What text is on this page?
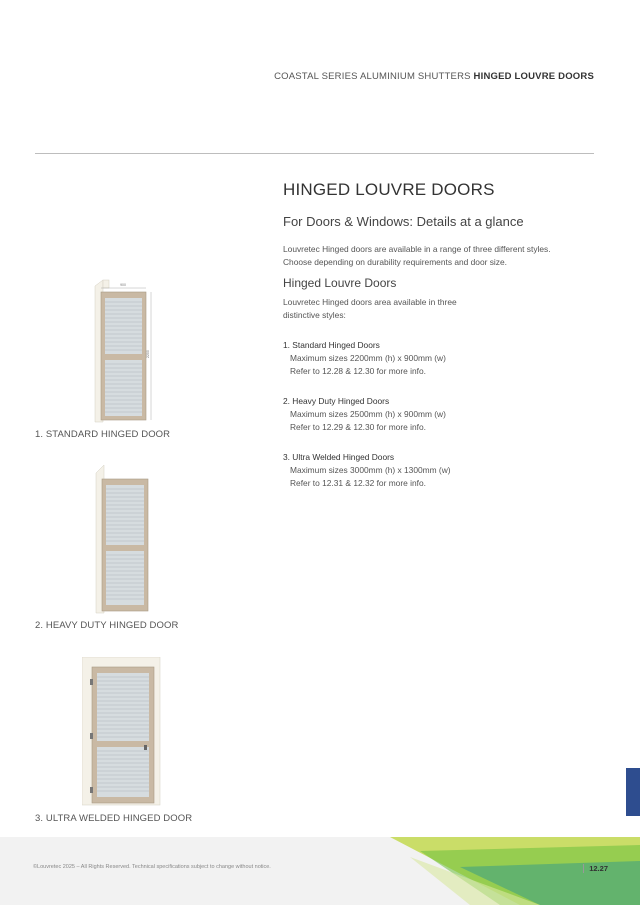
COASTAL SERIES ALUMINIUM SHUTTERS HINGED LOUVRE DOORS
HINGED LOUVRE DOORS
For Doors & Windows: Details at a glance
Louvretec Hinged doors are available in a range of three different styles.
Choose depending on durability requirements and door size.
Hinged Louvre Doors
Louvretec Hinged doors area available in three distinctive styles:
1. Standard Hinged Doors
Maximum sizes 2200mm (h) x 900mm (w)
Refer to 12.28 & 12.30 for more info.
2. Heavy Duty Hinged Doors
Maximum sizes 2500mm (h) x 900mm (w)
Refer to 12.29 & 12.30 for more info.
3. Ultra Welded Hinged Doors
Maximum sizes 3000mm (h) x 1300mm (w)
Refer to 12.31 & 12.32 for more info.
900
2200
1. STANDARD HINGED DOOR
2. HEAVY DUTY HINGED DOOR
3. ULTRA WELDED HINGED DOOR
©Louvretec 2025 – All Rights Reserved. Technical specifications subject to change without notice.	12.27
